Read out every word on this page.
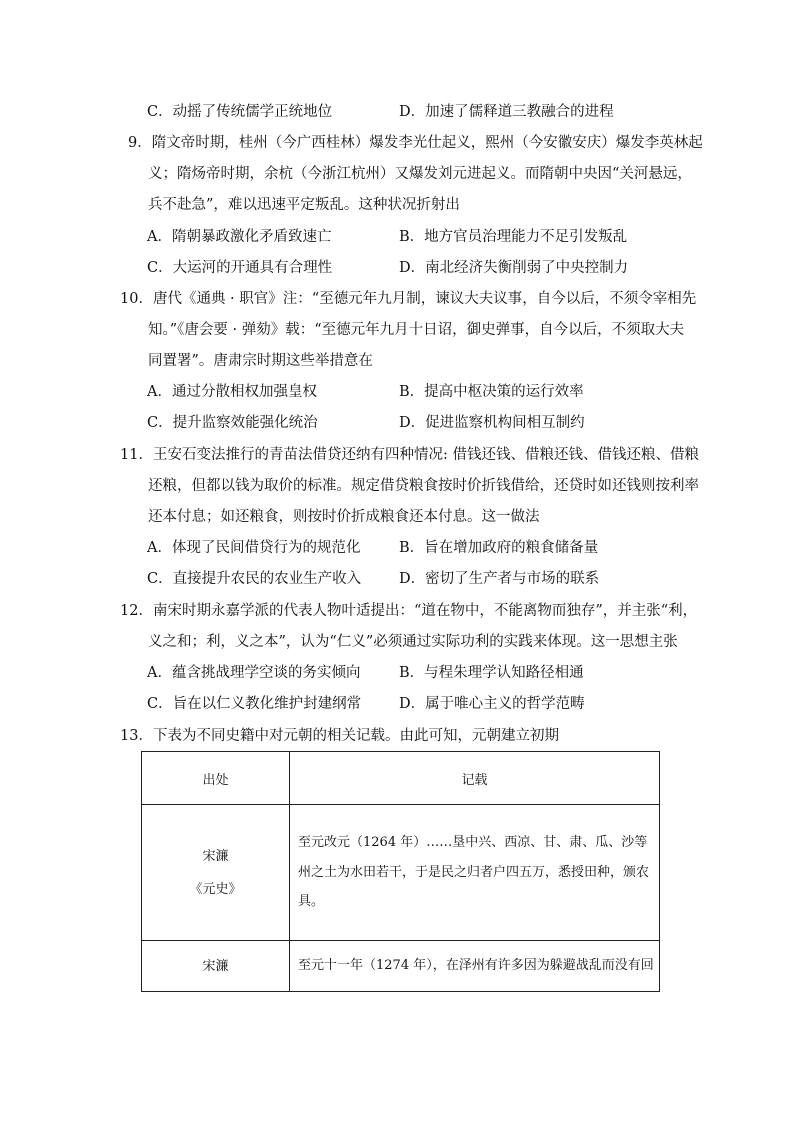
C．动摇了传统儒学正统地位	D．加速了儒释道三教融合的进程
9．隋文帝时期，桂州（今广西桂林）爆发李光仕起义，熙州（今安徽安庆）爆发李英林起
义；隋炀帝时期，余杭（今浙江杭州）又爆发刘元进起义。而隋朝中央因“关河悬远，
兵不赴急”，难以迅速平定叛乱。这种状况折射出
A．隋朝暴政激化矛盾致速亡	B．地方官员治理能力不足引发叛乱
C．大运河的开通具有合理性	D．南北经济失衡削弱了中央控制力
10．唐代《通典 · 职官》注：“至德元年九月制，谏议大夫议事，自今以后，不须令宰相先
知。”《唐会要 · 弹劾》载：“至德元年九月十日诏，御史弹事，自今以后，不须取大夫
同置署”。唐肃宗时期这些举措意在
A．通过分散相权加强皇权	B．提高中枢决策的运行效率
C．提升监察效能强化统治	D．促进监察机构间相互制约
11．王安石变法推行的青苗法借贷还纳有四种情况: 借钱还钱、借粮还钱、借钱还粮、借粮
还粮，但都以钱为取价的标准。规定借贷粮食按时价折钱借给，还贷时如还钱则按利率
还本付息；如还粮食，则按时价折成粮食还本付息。这一做法
A．体现了民间借贷行为的规范化	B．旨在增加政府的粮食储备量
C．直接提升农民的农业生产收入	D．密切了生产者与市场的联系
12．南宋时期永嘉学派的代表人物叶适提出：“道在物中，不能离物而独存”，并主张“利，
义之和；利，义之本”，认为“仁义”必须通过实际功利的实践来体现。这一思想主张
A．蕴含挑战理学空谈的务实倾向	B．与程朱理学认知路径相通
C．旨在以仁义教化维护封建纲常	D．属于唯心主义的哲学范畴
13．下表为不同史籍中对元朝的相关记载。由此可知，元朝建立初期
出处	记载

宋濂
《元史》	至元改元（1264 年）……垦中兴、西凉、甘、肃、瓜、沙等州之土为水田若干，于是民之归者户四五万，悉授田种，颁农具。

宋濂	至元十一年（1274 年），在泽州有许多因为躲避战乱而没有回
